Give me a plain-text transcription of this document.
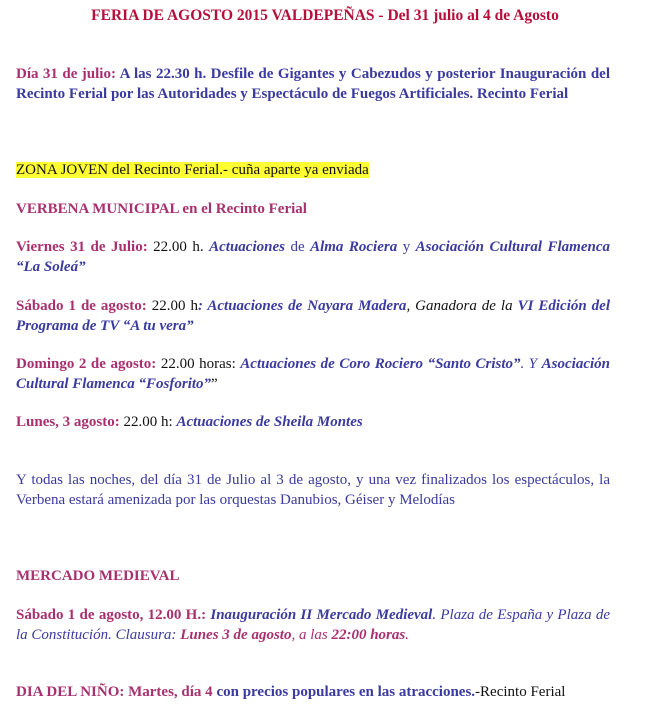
FERIA DE AGOSTO 2015 VALDEPEÑAS - Del 31 julio al 4 de Agosto

Día 31 de julio: A las 22.30 h. Desfile de Gigantes y Cabezudos y posterior Inauguración del Recinto Ferial por las Autoridades y Espectáculo de Fuegos Artificiales. Recinto Ferial

ZONA JOVEN del Recinto Ferial.- cuña aparte ya enviada

VERBENA MUNICIPAL en el Recinto Ferial

Viernes 31 de Julio: 22.00 h. Actuaciones de Alma Rociera y Asociación Cultural Flamenca “La Soleá”

Sábado 1 de agosto: 22.00 h: Actuaciones de Nayara Madera, Ganadora de la VI Edición del Programa de TV “A tu vera”

Domingo 2 de agosto: 22.00 horas: Actuaciones de Coro Rociero “Santo Cristo”. Y Asociación Cultural Flamenca “Fosforito””

Lunes, 3 agosto: 22.00 h: Actuaciones de Sheila Montes

Y todas las noches, del día 31 de Julio al 3 de agosto, y una vez finalizados los espectáculos, la Verbena estará amenizada por las orquestas Danubios, Géiser y Melodías

MERCADO MEDIEVAL

Sábado 1 de agosto, 12.00 H.: Inauguración II Mercado Medieval. Plaza de España y Plaza de la Constitución. Clausura: Lunes 3 de agosto, a las 22:00 horas.

DIA DEL NIÑO: Martes, día 4 con precios populares en las atracciones.-Recinto Ferial
